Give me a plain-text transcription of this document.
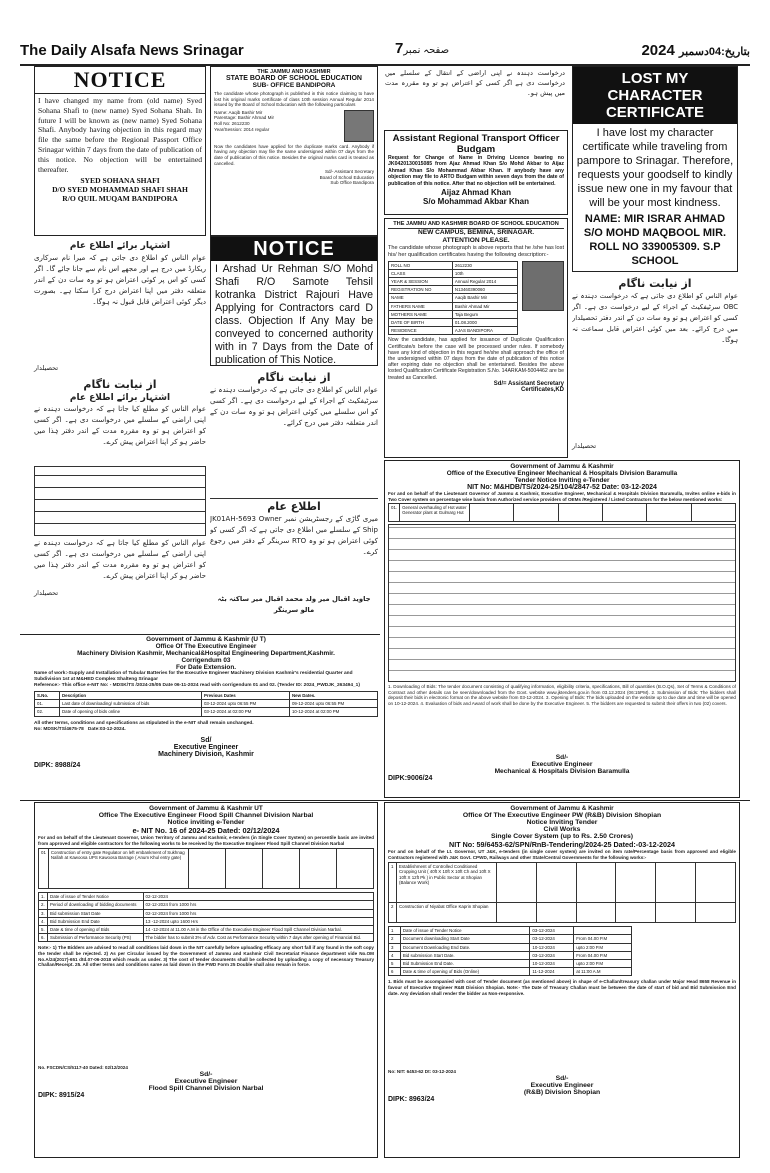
The Daily Alsafa News Srinagar	صفحہ نمبر7	2024 بتاریخ:04دسمبر
NOTICE
I have changed my name from (old name) Syed Sohana Shafi to (new name) Syed Sohana Shah. In future I will be known as (new name) Syed Sohana Shafi. Anybody having objection in this regard may file the same before the Regional Passport Office Srinagar within 7 days from the date of publication of this notice. No objection will be entertained thereafter.
SYED SOHANA SHAFI
D/O SYED MOHAMMAD SHAFI SHAH
R/O QUIL MUQAM BANDIPORA
THE JAMMU AND KASHMIR
STATE BOARD OF SCHOOL EDUCATION
SUB- OFFICE BANDIPORA
The candidate whose photograph is published in this notice claiming to have lost his original marks certificate of class 10th session Annual Regular 2014 issued by the Board of School Education with the following particulars
Name: Aaqib Bashir Mir
Parentage: Bashir Ahmad Mir
Roll No: 2612230
Year/Session: 2014 regular
Now the candidates have applied for the duplicate marks card. Anybody if having any objection may file the same undersigned within 07 days from the date of publication of this notice. Besides the original marks card is treated as cancelled.
Sd/- Assistant Secretary
Board of School Education
Sub Office Bandipora
درخواست دہندہ نے اپنی اراضی کے انتقال کے سلسلے میں درخواست دی ہے اگر کسی کو اعتراض ہو تو وہ مقررہ مدت میں پیش ہو۔
LOST MY CHARACTER CERTIFICATE
I have lost my character certificate while traveling from pampore to Srinagar. Therefore, requests your goodself to kindly issue new one in my favour that will be your most kindness.
NAME: MIR ISRAR AHMAD S/O MOHD MAQBOOL MIR. ROLL NO 339005309. S.P SCHOOL
Assistant Regional Transport Officer Budgam
Request for Change of Name in Driving Licence bearing no JK0420130015085 from Ajaz Ahmad Khan S/o Mohd Akbar to Aijaz Ahmad Khan S/o Mohammad Akbar Khan. If anybody have any objection may file to ARTO Budgam within seven days from the date of publication of this notice. After that no objection will be entertained.
Aijaz Ahmad Khan
S/o Mohammad Akbar Khan
اشتہار برائے اطلاع عام
عوام الناس کو اطلاع دی جاتی ہے کہ میرا نام سرکاری ریکارڈ میں درج ہے اور مجھے اس نام سے جانا جائے گا۔ اگر کسی کو اس پر کوئی اعتراض ہو تو وہ سات دن کے اندر متعلقہ دفتر میں اپنا اعتراض درج کرا سکتا ہے۔ بصورت دیگر کوئی اعتراض قابل قبول نہ ہوگا۔
تحصیلدار
از نیابت ناگام
اشتہار برائے اطلاع عام
عوام الناس کو مطلع کیا جاتا ہے کہ درخواست دہندہ نے اپنی اراضی کے سلسلے میں درخواست دی ہے۔ اگر کسی کو اعتراض ہو تو وہ مقررہ مدت کے اندر دفتر ہٰذا میں حاضر ہو کر اپنا اعتراض پیش کرے۔
عوام الناس کو مطلع کیا جاتا ہے کہ درخواست دہندہ نے اپنی اراضی کے سلسلے میں درخواست دی ہے۔ اگر کسی کو اعتراض ہو تو وہ مقررہ مدت کے اندر دفتر ہٰذا میں حاضر ہو کر اپنا اعتراض پیش کرے۔
تحصیلدار
NOTICE
I Arshad Ur Rehman S/O Mohd Shafi R/O Samote Tehsil kotranka District Rajouri Have Applying for Contractors card D class. Objection If Any May be conveyed to concerned authority with in 7 Days from the Date of publication of This Notice.
THE JAMMU AND KASHMIR BOARD OF SCHOOL EDUCATION
NEW CAMPUS, BEMINA, SRINAGAR.
ATTENTION PLEASE.
The candidate whose photograph is above reports that he /she has lost his/ her qualification certificates having the following description:-
ROLL NO	2612230
CLASS	10th
YEAR & SESSION	Annual Regular 2014
REGISTRATION NO	N13460390060
NAME	Aaqib Bashir Mir
FATHERS NAME	Bashir Ahmad Mir
MOTHERS NAME	Taja Begum
DATE OF BIRTH	01.08.2000
RESIDENCE	AJAS BANDIPORA
Now the candidate, has applied for issuance of Duplicate Qualification Certificate/s before the case will be processed under rules. If somebody have any kind of objection in this regard he/she shall approach the office of the undersigned within 07 days from the date of publication of this notice after expiring date no objection shall be entertained. Besides the above losted Qualification Certificate Registration S.No. 14ARKAM-5004462 are be treated as Cancelled.
Sd/= Assistant Secretary
Certificates,KD
از نیابت ناگام
عوام الناس کو اطلاع دی جاتی ہے کہ درخواست دہندہ نے OBC سرٹیفکیٹ کے اجراء کے لیے درخواست دی ہے۔ اگر کسی کو اعتراض ہو تو وہ سات دن کے اندر دفتر تحصیلدار میں درج کرائے۔ بعد میں کوئی اعتراض قابل سماعت نہ ہوگا۔
تحصیلدار
از نیابت ناگام
عوام الناس کو اطلاع دی جاتی ہے کہ درخواست دہندہ نے سرٹیفکیٹ کے اجراء کے لیے درخواست دی ہے۔ اگر کسی کو اس سلسلے میں کوئی اعتراض ہو تو وہ سات دن کے اندر متعلقہ دفتر میں درج کرائے۔
اطلاع عام
میری گاڑی کے رجسٹریشن نمبر JK01AH-5693 Owner Ship کے سلسلے میں اطلاع دی جاتی ہے کہ اگر کسی کو کوئی اعتراض ہو تو وہ RTO سرینگر کے دفتر میں رجوع کرے۔
جاوید اقبال میر ولد محمد اقبال میر ساکنہ بٹہ مالو سرینگر
Government of Jammu & Kashmir (U T)
Office Of The Executive Engineer
Machinery Division Kashmir, Mechanical&Hospital Engineering Department,Kashmir.
Corrigendum 03
For Date Extension.
Name of work:-Supply and Installation of Tubular Batteries for the Executive Engineer Machinery Division Kashmir's residential Quarter and Subdivision 1st at M&HED Complex Shalteng Srinagar
Reference:- This office e-NIT No: - MDSK/TS /2024-25/05 Date 06-11-2024 read with corrigendum 01 and 02. (Tender ID: 2024_PWDJK_263494_1)
S.No.	Description	Previous Dates	New Dates.
01.	Last date of downloading/ submission of bids	03-12-2024 upto 06:55 PM	09-12-2024 upto 06:55 PM
02.	Date of opening of bids online	03-12-2024 at 02:00 PM	10-12-2024 at 02:00 PM
All other terms, conditions and specifications as stipulated in the e-NIT shall remain unchanged.
No: MDSK/TS/4675-78 Date:03-12-2024.
Sd/
Executive Engineer
Machinery Division, Kashmir
DIPK: 8988/24
Government of Jammu & Kashmir
Office of the Executive Engineer Mechanical & Hospitals Division Baramulla
Tender Notice Inviting e-Tender
NIT No: M&HDB/TS/2024-25/104/2847-52 Date: 03-12-2024
For and on behalf of the Lieutenant Governor of Jammu & Kashmir, Executive Engineer, Mechanical & Hospitals Division Baramulla, Invites online e-bids in Two Cover system on percentage wise basis from Authorized service providers of OEMs /Registered / Listed Contractors for the below mentioned works:
01.	General overhauling of Hot water Generator plant at Gulmarg Hut						
1. Downloading of Bids: The tender document consisting of qualifying information, eligibility criteria, specifications, Bill of quantities (B.O.Qs), Set of Terms & Conditions of Contract and other details can be seen/downloaded from the Govt. website www.jktenders.gov.in from 03.12.2024 (06:15PM). 2. Submission of Bids: The bidders shall deposit their bids in electronic format on the above website from 03-12-2024. 3. Opening of Bids: The bids uploaded on the website up to due date and time will be opened on 10-12-2024. 4. Evaluation of bids and Award of work shall be done by the Executive Engineer. 5. The bidders are requested to submit their offers in two (02) covers.
Sd/-
Executive Engineer
Mechanical & Hospitals Division Baramulla
DIPK:9006/24
Government of Jammu & Kashmir UT
Office The Executive Engineer Flood Spill Channel Division Narbal
Notice inviting e-Tender
e- NIT No. 16 of 2024-25 Dated: 02/12/2024
For and on behalf of the Lieutenant Governor, Union Territory of Jammu and Kashmir, e-tenders (in Single Cover System) on percentile basis are invited from approved and eligible contractors for the following works to be received by the Executive Engineer Flood Spill Channel Division Narbal
01	Construction of entry gate Regulator on left embankment of Sukhnag Nallah at Kawoosa UPS Kawoosa Barrage ( Anum Khul entry gate)					
1.	Date of issue of Tender Notice	02-12-2024
2.	Period of downloading of bidding documents	02-12-2024 from 1000 hrs
3.	Bid submission Start Date	02-12-2024 from 1000 hrs
4.	Bid Submission End Date	13 -12-2024 upto 1600 Hrs
5.	Date & time of opening of Bids	14 -12-2024 at 11.00 A.M in the Office of the Executive Engineer Flood Spill Channel Division Narbal.
6.	Submission of Performance Security (PS)	The bidder has to submit 3% of Adv. Cost as Performance Security within 7 days after opening of Financial Bid.
Note:- 1) The Bidders are advised to read all conditions laid down in the NIT carefully before uploading efficacy any short fall if any found in the soft copy the tender shall be rejected. 2) As per Circular issued by the Government of Jammu and Kashmir Civil Secretariat Finance department vide No.OM No.A/24(2017)-651 dtd.07-06-2018 which reads as under. 3) The cost of tender documents shall be collected by uploading a copy of necessary Treasury Challan/Receipt. 25. All other terms and conditions same as laid down in the PWD Form 25 Double shall also remain in force.
No. FSCDN/CS/5117-40 Dated: 02/12/2024
Sd/-
Executive Engineer
Flood Spill Channel Division Narbal
DIPK: 8915/24
Government of Jammu & Kashmir
Office Of The Executive Engineer PW (R&B) Division Shopian
Notice Inviting Tender
Civil Works
Single Cover System (up to Rs. 2.50 Crores)
NIT No: 59/6453-62/SPN/RnB-Tendering/2024-25 Dated:-03-12-2024
For and on behalf of the Lt. Governor, UT J&K, e-tenders (in single cover system) are invited on item rate/Percentage basis from approved and eligible Contractors registered with J&K Govt. CPWD, Railways and other State/Central Governments for the following works:-
1	Establishment of Controlled Conditioned Cropping Unit ( 40ft X 10ft X 10ft Ch and 10ft X 10ft X 12ft Pk ) in Public Sector at Shopian (Balance Work)						
2	Construction of Niyabat Office Kaprin Shopian						
1	Date of issue of Tender Notice	03-12-2024	
2	Document downloading Start Date	03-12-2024	From 04.00 P.M
3	Document Downloading End Date.	10-12-2024	upto 2:00 P.M
4	Bid submission Start Date.	03-12-2024	From 04.00 P.M
5	Bid Submission End Date.	10-12-2024	upto 2:00 P.M
6	Date & time of opening of Bids (Online)	11-12-2024	at 11:00 A.M
1. Bids must be accompanied with cost of Tender document (as mentioned above) in shape of e-Challan/treasury challan under Major Head 8658 Revenue in favour of Executive Engineer R&B Division Shopian. Note:- The Date of Treasury Challan must be between the date of start of bid and Bid Submission End date. Any deviation shall render the bidder as Non-responsive.
No: NIT: 6453-62 Dt: 03-12-2024
Sd/-
Executive Engineer
(R&B) Division Shopian
DIPK: 8963/24
